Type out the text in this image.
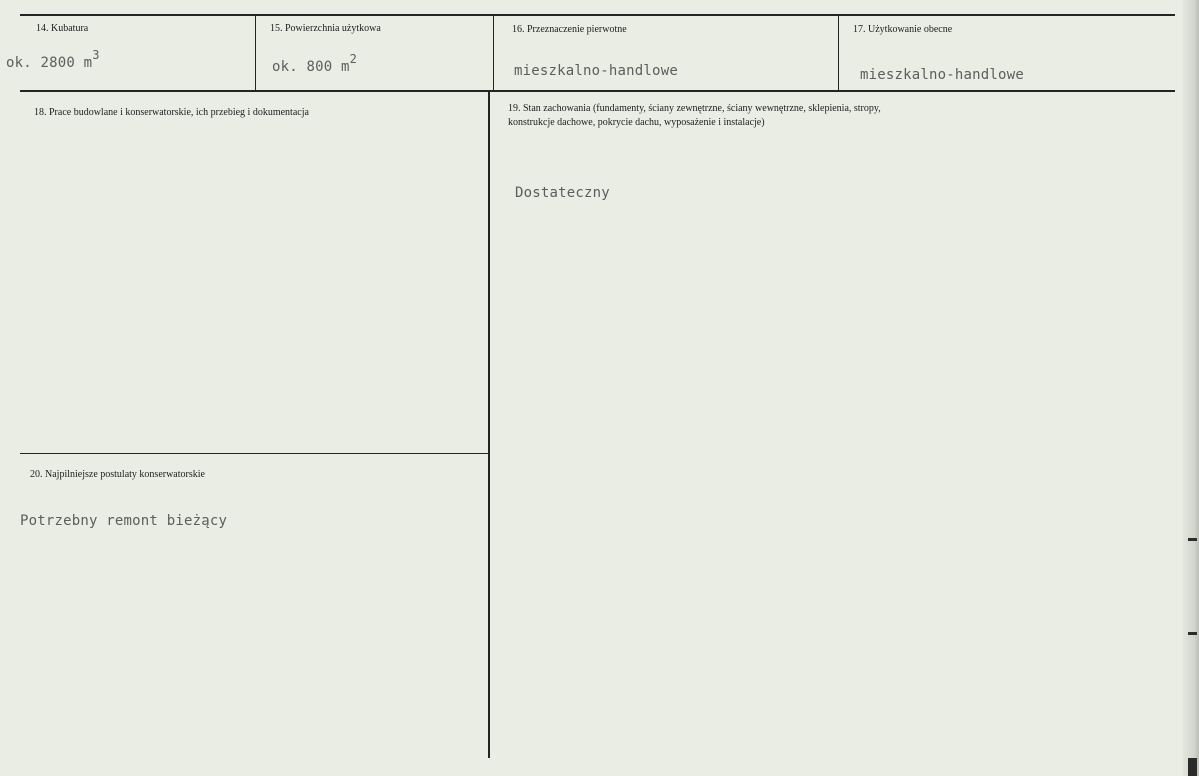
14. Kubatura
ok. 2800 m3
15. Powierzchnia użytkowa
ok. 800 m2
16. Przeznaczenie pierwotne
mieszkalno-handlowe
17. Użytkowanie obecne
mieszkalno-handlowe
18. Prace budowlane i konserwatorskie, ich przebieg i dokumentacja	19. Stan zachowania (fundamenty, ściany zewnętrzne, ściany wewnętrzne, sklepienia, stropy,
konstrukcje dachowe, pokrycie dachu, wyposażenie i instalacje)
Dostateczny
20. Najpilniejsze postulaty konserwatorskie
Potrzebny remont bieżący
